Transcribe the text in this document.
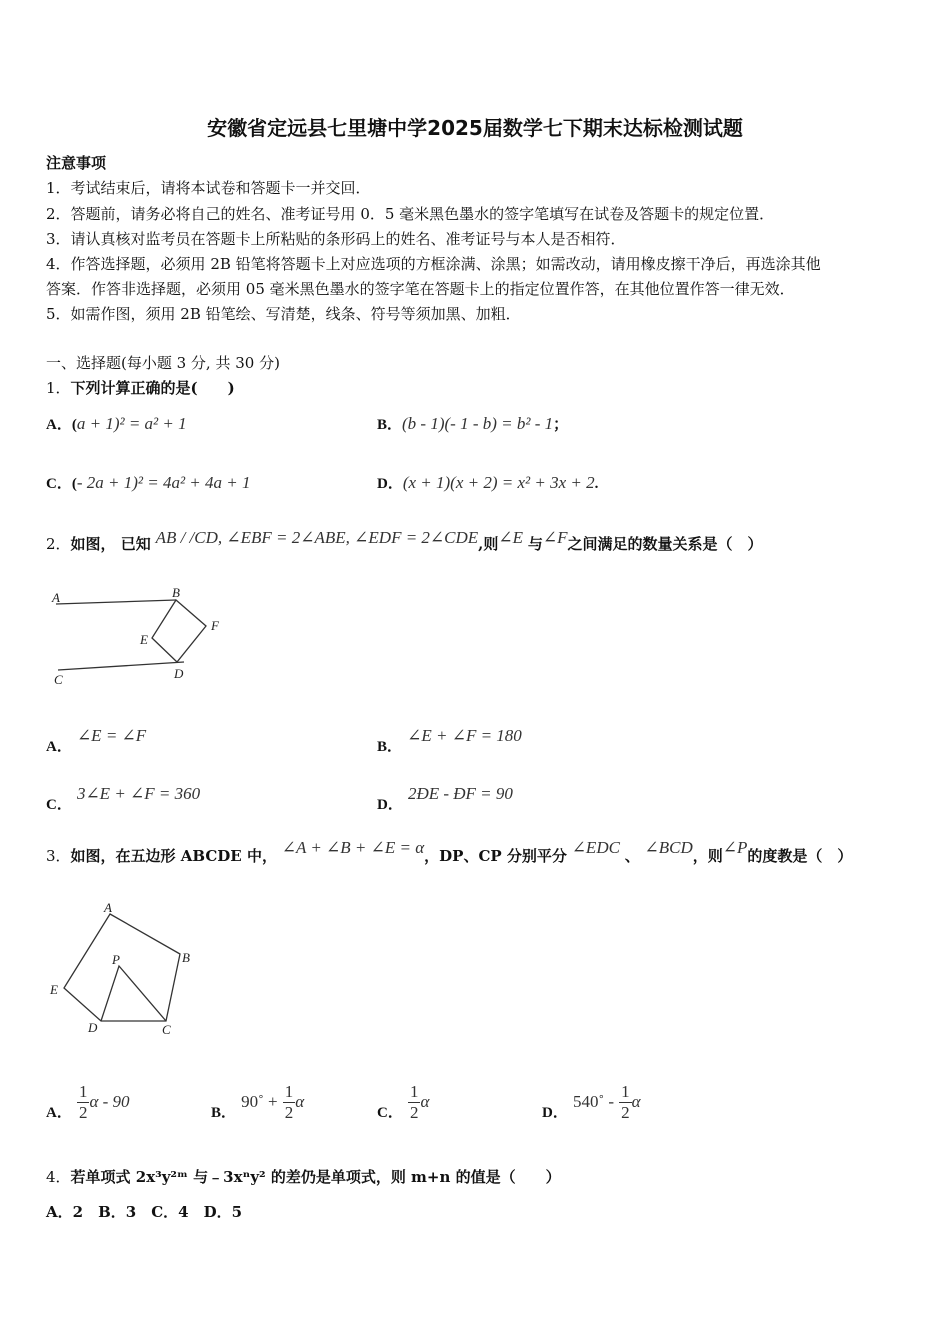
安徽省定远县七里塘中学2025届数学七下期末达标检测试题
注意事项
1．考试结束后，请将本试卷和答题卡一并交回．
2．答题前，请务必将自己的姓名、准考证号用 0．5 毫米黑色墨水的签字笔填写在试卷及答题卡的规定位置．
3．请认真核对监考员在答题卡上所粘贴的条形码上的姓名、准考证号与本人是否相符．
4．作答选择题，必须用 2B 铅笔将答题卡上对应选项的方框涂满、涂黑；如需改动，请用橡皮擦干净后，再选涂其他
答案．作答非选择题，必须用 05 毫米黑色墨水的签字笔在答题卡上的指定位置作答，在其他位置作答一律无效．
5．如需作图，须用 2B 铅笔绘、写清楚，线条、符号等须加黑、加粗．
一、选择题(每小题 3 分, 共 30 分)
1．下列计算正确的是(　　)
A．(a + 1)² = a² + 1	B．(b - 1)(- 1 - b) = b² - 1；
C．(- 2a + 1)² = 4a² + 4a + 1	D．(x + 1)(x + 2) = x² + 3x + 2.
2．如图， 已知 AB / /CD, ∠EBF = 2∠ABE, ∠EDF = 2∠CDE,则∠E 与∠F之间满足的数量关系是（　）
A	B
E
F
C	D
A． ∠E = ∠F
B． ∠E + ∠F = 180
C． 3∠E + ∠F = 360
D． 2ÐE - ÐF = 90
3．如图，在五边形 ABCDE 中， ∠A + ∠B + ∠E = α，DP、CP 分别平分 ∠EDC 、 ∠BCD，则∠P的度教是（　）
A
B
C
D
E
P
A． $\frac{1}{2}$ α - 90
B． 90˚ + $\frac{1}{2}$ α
C． $\frac{1}{2}$ α
D． 540˚ - $\frac{1}{2}$ α
4．若单项式 2x³y²ᵐ 与﹣3xⁿy² 的差仍是单项式，则 m+n 的值是（　　）
A．2　B．3　C．4　D．5
